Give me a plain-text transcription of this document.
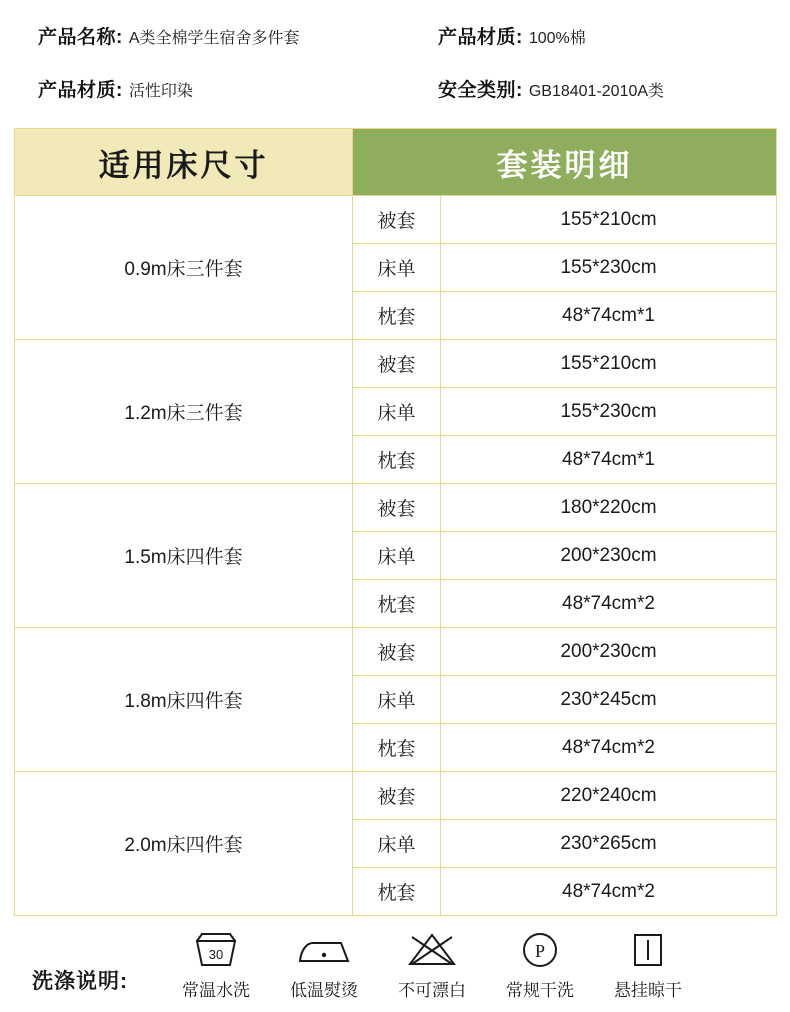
产品名称: A类全棉学生宿舍多件套	产品材质: 100%棉
产品材质: 活性印染	安全类别: GB18401-2010A类
适用床尺寸	套装明细	
0.9m床三件套	被套	155*210cm
	床单	155*230cm
	枕套	48*74cm*1
1.2m床三件套	被套	155*210cm
	床单	155*230cm
	枕套	48*74cm*1
1.5m床四件套	被套	180*220cm
	床单	200*230cm
	枕套	48*74cm*2
1.8m床四件套	被套	200*230cm
	床单	230*245cm
	枕套	48*74cm*2
2.0m床四件套	被套	220*240cm
	床单	230*265cm
	枕套	48*74cm*2
洗涤说明:
30
常温水洗 低温熨烫 不可漂白
P
常规干洗 悬挂晾干
